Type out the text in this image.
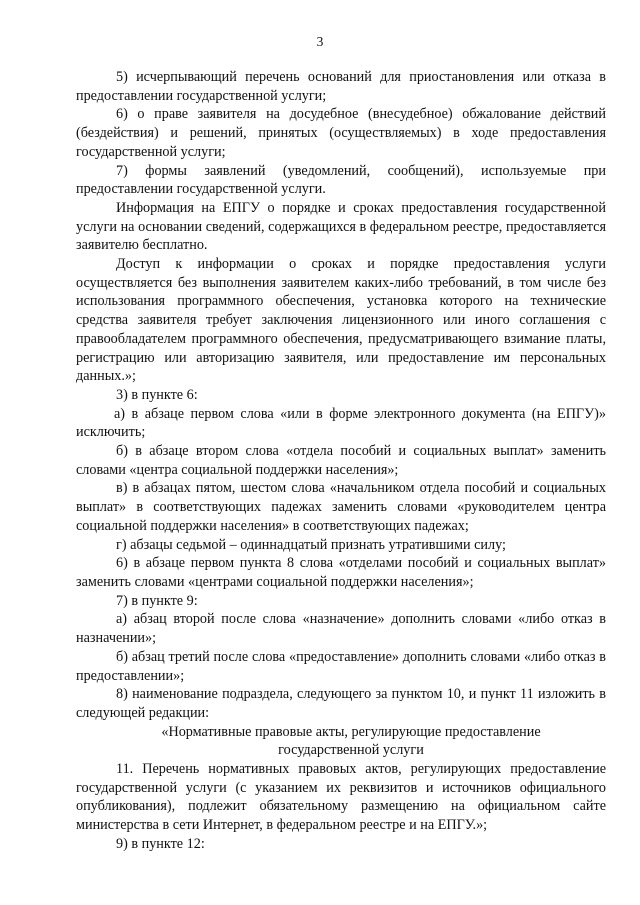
3

5) исчерпывающий перечень оснований для приостановления или отказа в предоставлении государственной услуги;

6) о праве заявителя на досудебное (внесудебное) обжалование действий (бездействия) и решений, принятых (осуществляемых) в ходе предоставления государственной услуги;

7) формы заявлений (уведомлений, сообщений), используемые при предоставлении государственной услуги.

Информация на ЕПГУ о порядке и сроках предоставления государственной услуги на основании сведений, содержащихся в федеральном реестре, предоставляется заявителю бесплатно.

Доступ к информации о сроках и порядке предоставления услуги осуществляется без выполнения заявителем каких-либо требований, в том числе без использования программного обеспечения, установка которого на технические средства заявителя требует заключения лицензионного или иного соглашения с правообладателем программного обеспечения, предусматривающего взимание платы, регистрацию или авторизацию заявителя, или предоставление им персональных данных.»;

3) в пункте 6:

а) в абзаце первом слова «или в форме электронного документа (на ЕПГУ)» исключить;

б) в абзаце втором слова «отдела пособий и социальных выплат» заменить словами «центра социальной поддержки населения»;

в) в абзацах пятом, шестом слова «начальником отдела пособий и социальных выплат» в соответствующих падежах заменить словами «руководителем центра социальной поддержки населения» в соответствующих падежах;

г) абзацы седьмой – одиннадцатый признать утратившими силу;

6) в абзаце первом пункта 8 слова «отделами пособий и социальных выплат» заменить словами «центрами социальной поддержки населения»;

7) в пункте 9:

а) абзац второй после слова «назначение» дополнить словами «либо отказ в назначении»;

б) абзац третий после слова «предоставление» дополнить словами «либо отказ в предоставлении»;

8) наименование подраздела, следующего за пунктом 10, и пункт 11 изложить в следующей редакции:

«Нормативные правовые акты, регулирующие предоставление государственной услуги

11. Перечень нормативных правовых актов, регулирующих предоставление государственной услуги (с указанием их реквизитов и источников официального опубликования), подлежит обязательному размещению на официальном сайте министерства в сети Интернет, в федеральном реестре и на ЕПГУ.»;

9) в пункте 12:
